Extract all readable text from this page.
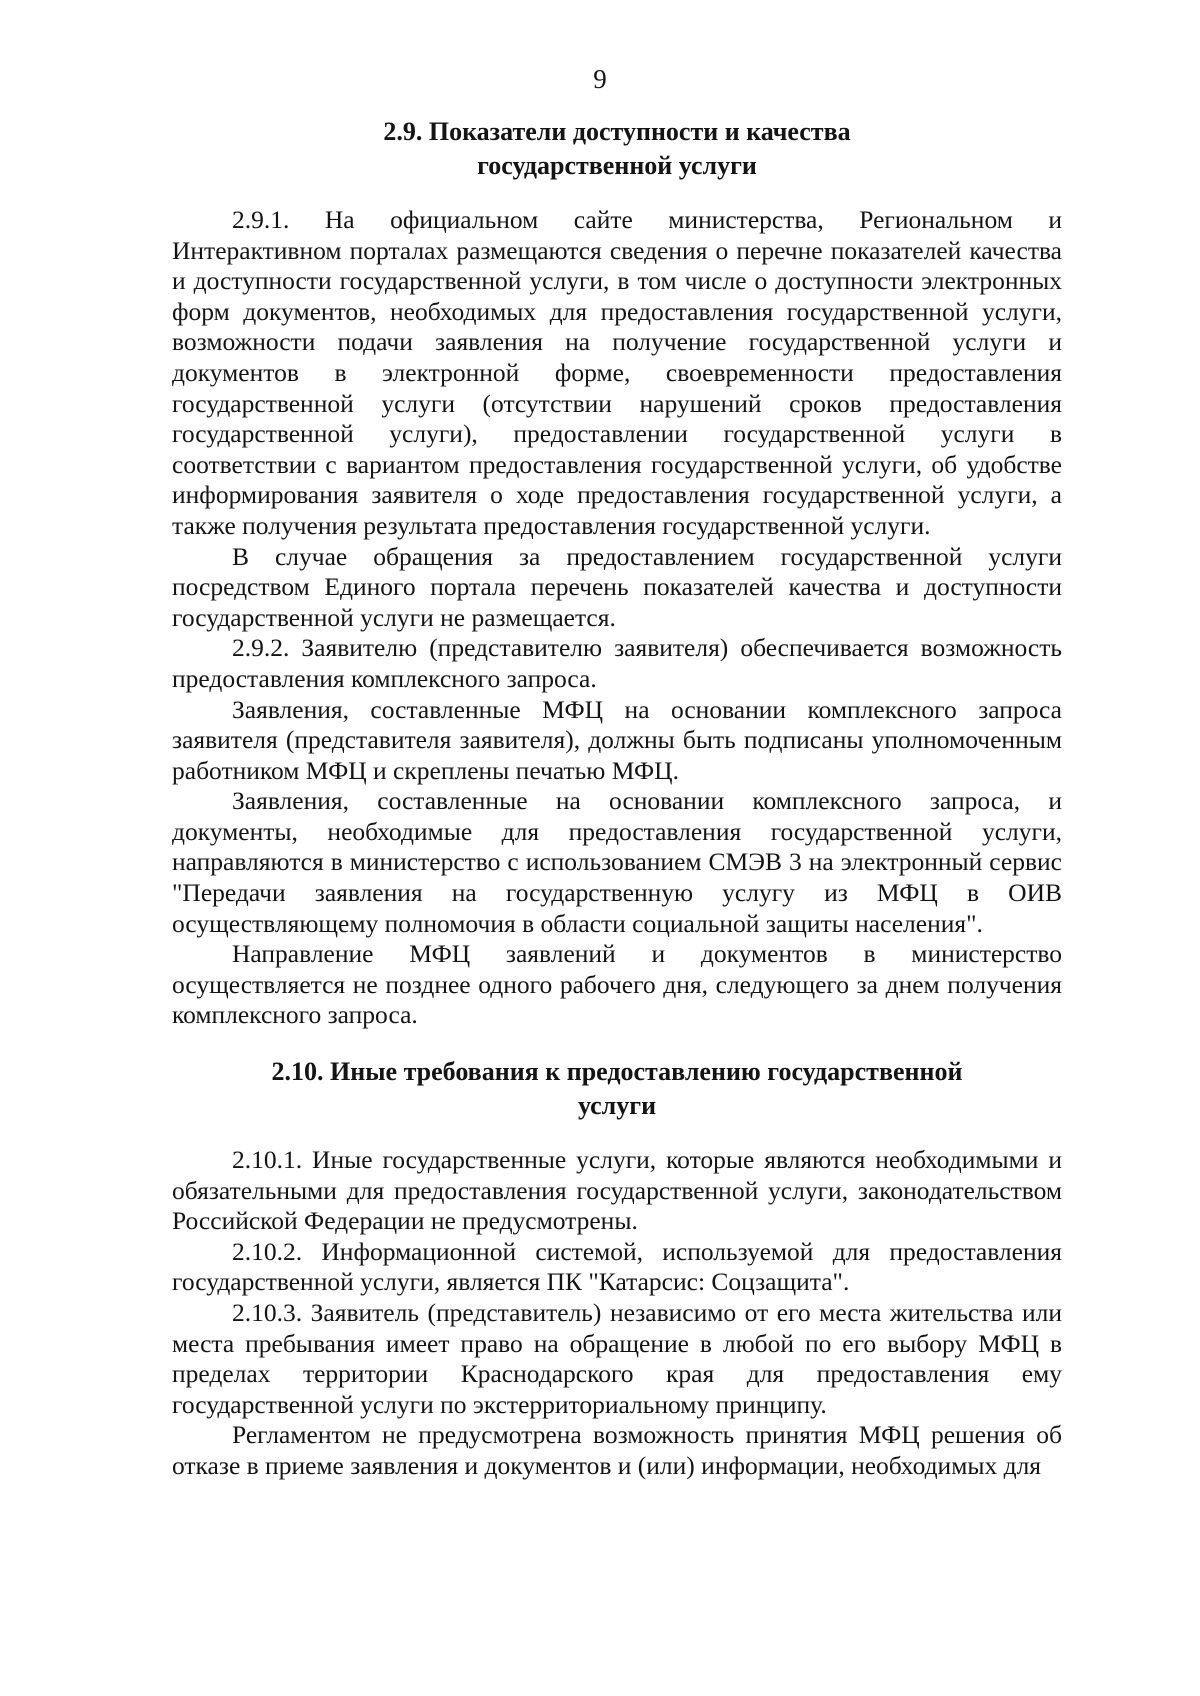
9
2.9. Показатели доступности и качества
государственной услуги

2.9.1. На официальном сайте министерства, Региональном и Интерактивном порталах размещаются сведения о перечне показателей качества и доступности государственной услуги, в том числе о доступности электронных форм документов, необходимых для предоставления государственной услуги, возможности подачи заявления на получение государственной услуги и документов в электронной форме, своевременности предоставления государственной услуги (отсутствии нарушений сроков предоставления государственной услуги), предоставлении государственной услуги в соответствии с вариантом предоставления государственной услуги, об удобстве информирования заявителя о ходе предоставления государственной услуги, а также получения результата предоставления государственной услуги.

В случае обращения за предоставлением государственной услуги посредством Единого портала перечень показателей качества и доступности государственной услуги не размещается.

2.9.2. Заявителю (представителю заявителя) обеспечивается возможность предоставления комплексного запроса.

Заявления, составленные МФЦ на основании комплексного запроса заявителя (представителя заявителя), должны быть подписаны уполномоченным работником МФЦ и скреплены печатью МФЦ.

Заявления, составленные на основании комплексного запроса, и документы, необходимые для предоставления государственной услуги, направляются в министерство с использованием СМЭВ 3 на электронный сервис "Передачи заявления на государственную услугу из МФЦ в ОИВ осуществляющему полномочия в области социальной защиты населения".

Направление МФЦ заявлений и документов в министерство осуществляется не позднее одного рабочего дня, следующего за днем получения комплексного запроса.

2.10. Иные требования к предоставлению государственной
услуги

2.10.1. Иные государственные услуги, которые являются необходимыми и обязательными для предоставления государственной услуги, законодательством Российской Федерации не предусмотрены.

2.10.2. Информационной системой, используемой для предоставления государственной услуги, является ПК "Катарсис: Соцзащита".

2.10.3. Заявитель (представитель) независимо от его места жительства или места пребывания имеет право на обращение в любой по его выбору МФЦ в пределах территории Краснодарского края для предоставления ему государственной услуги по экстерриториальному принципу.

Регламентом не предусмотрена возможность принятия МФЦ решения об отказе в приеме заявления и документов и (или) информации, необходимых для
